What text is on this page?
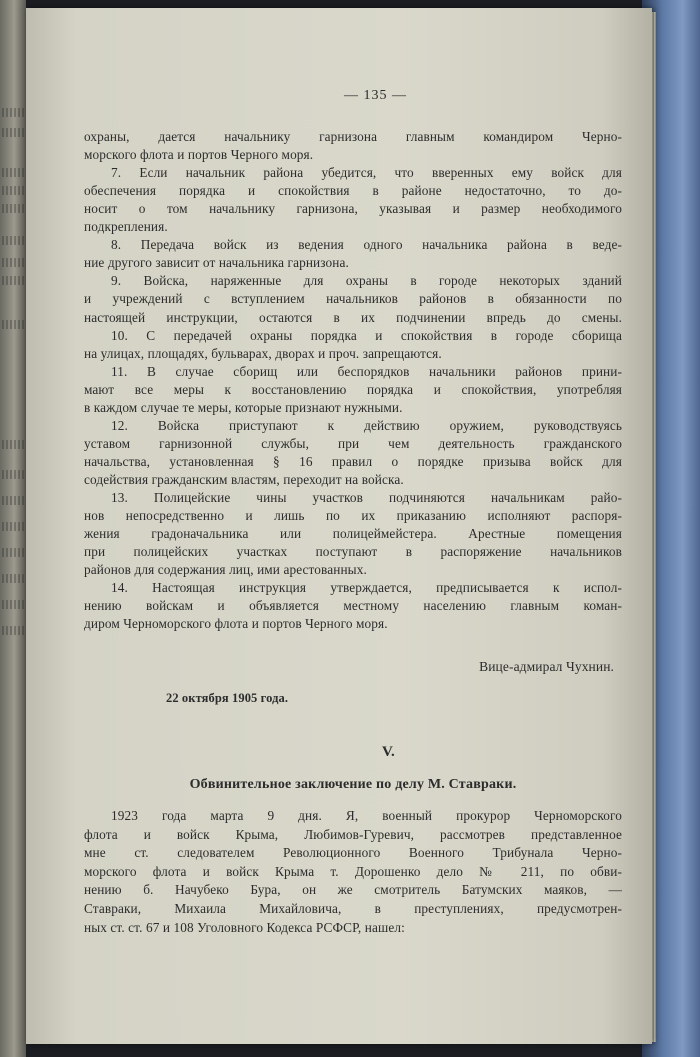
— 135 —
охраны, дается начальнику гарнизона главным командиром Черно-
морского флота и портов Черного моря.
7. Если начальник района убедится, что вверенных ему войск для
обеспечения порядка и спокойствия в районе недостаточно, то до-
носит о том начальнику гарнизона, указывая и размер необходимого
подкрепления.
8. Передача войск из ведения одного начальника района в веде-
ние другого зависит от начальника гарнизона.
9. Войска, наряженные для охраны в городе некоторых зданий
и учреждений с вступлением начальников районов в обязанности по
настоящей инструкции, остаются в их подчинении впредь до смены.
10. С передачей охраны порядка и спокойствия в городе сборища
на улицах, площадях, бульварах, дворах и проч. запрещаются.
11. В случае сборищ или беспорядков начальники районов прини-
мают все меры к восстановлению порядка и спокойствия, употребляя
в каждом случае те меры, которые признают нужными.
12. Войска приступают к действию оружием, руководствуясь
уставом гарнизонной службы, при чем деятельность гражданского
начальства, установленная § 16 правил о порядке призыва войск для
содействия гражданским властям, переходит на войска.
13. Полицейские чины участков подчиняются начальникам райо-
нов непосредственно и лишь по их приказанию исполняют распоря-
жения градоначальника или полицеймейстера. Арестные помещения
при полицейских участках поступают в распоряжение начальников
районов для содержания лиц, ими арестованных.
14. Настоящая инструкция утверждается, предписывается к испол-
нению войскам и объявляется местному населению главным коман-
диром Черноморского флота и портов Черного моря.
Вице-адмирал Чухнин.
22 октября 1905 года.
V.
Обвинительное заключение по делу М. Ставраки.
1923 года марта 9 дня. Я, военный прокурор Черноморского
флота и войск Крыма, Любимов-Гуревич, рассмотрев представленное
мне ст. следователем Революционного Военного Трибунала Черно-
морского флота и войск Крыма т. Дорошенко дело № 211, по обви-
нению б. Начубеко Бура, он же смотритель Батумских маяков, —
Ставраки, Михаила Михайловича, в преступлениях, предусмотрен-
ных ст. ст. 67 и 108 Уголовного Кодекса РСФСР, нашел:
